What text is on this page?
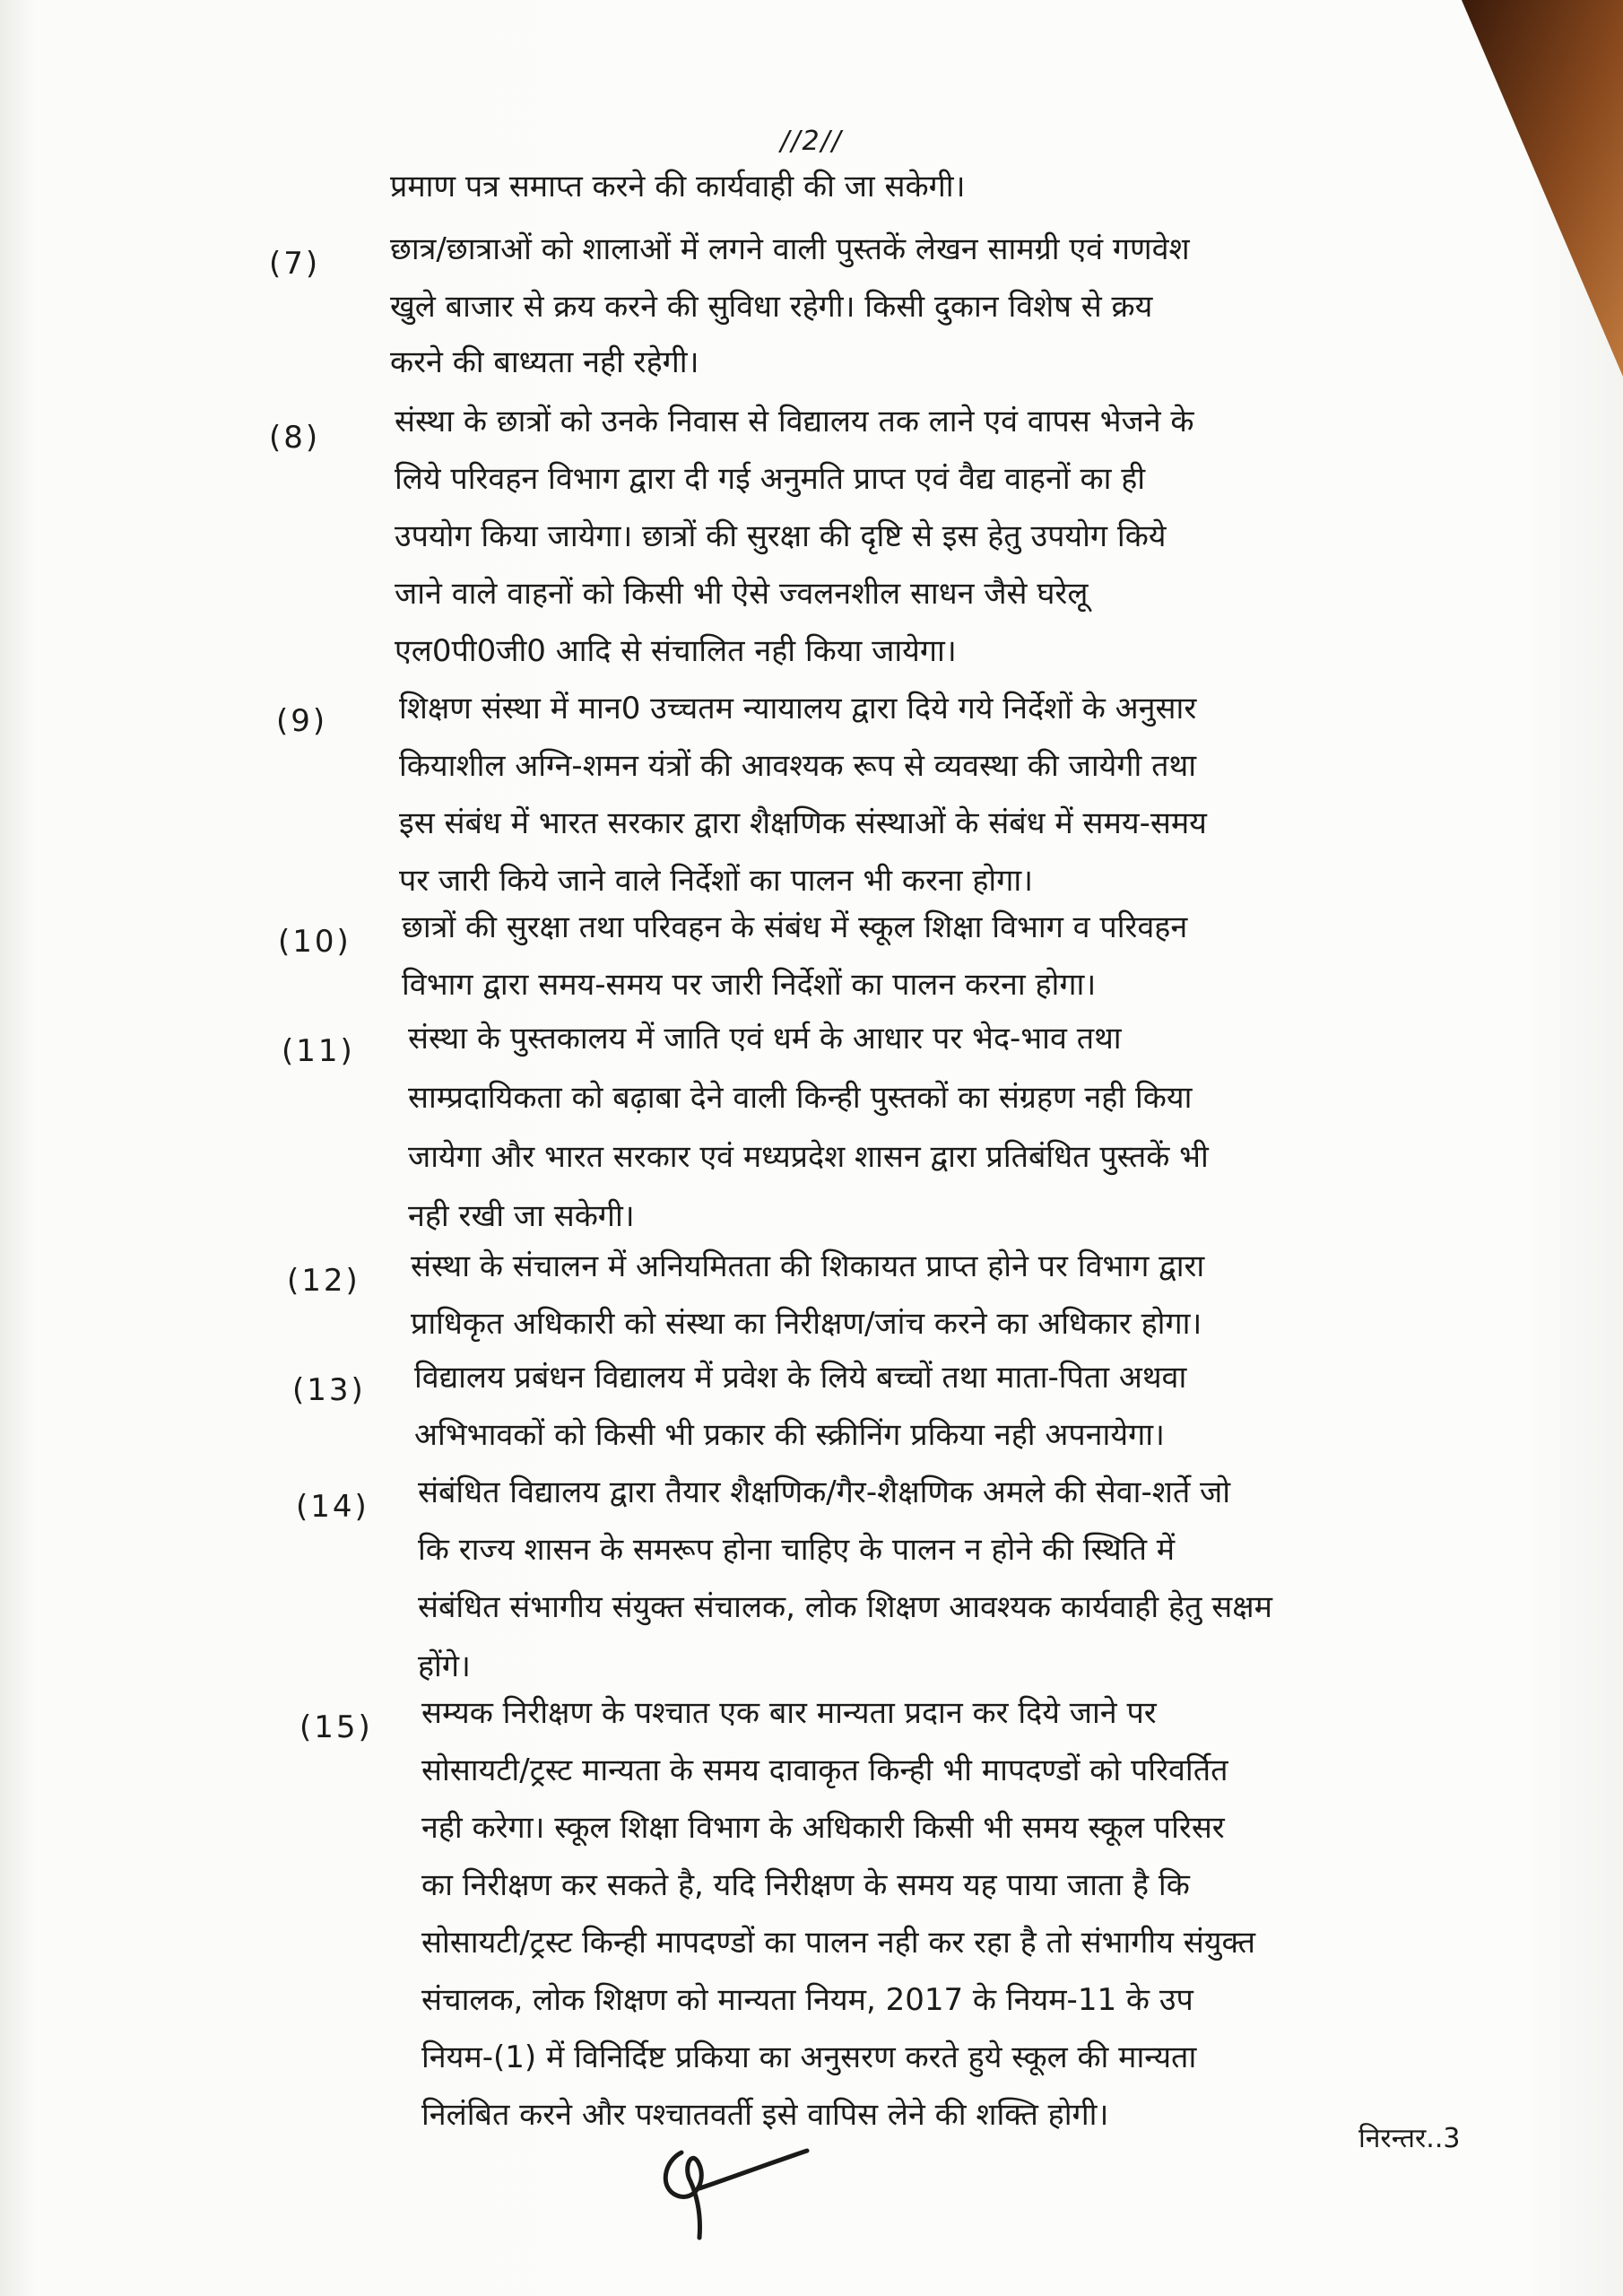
//2//
प्रमाण पत्र समाप्त करने की कार्यवाही की जा सकेगी।
(7) छात्र/छात्राओं को शालाओं में लगने वाली पुस्तकें लेखन सामग्री एवं गणवेश
खुले बाजार से क्रय करने की सुविधा रहेगी। किसी दुकान विशेष से क्रय
करने की बाध्यता नही रहेगी।
(8) संस्था के छात्रों को उनके निवास से विद्यालय तक लाने एवं वापस भेजने के
लिये परिवहन विभाग द्वारा दी गई अनुमति प्राप्त एवं वैद्य वाहनों का ही
उपयोग किया जायेगा। छात्रों की सुरक्षा की दृष्टि से इस हेतु उपयोग किये
जाने वाले वाहनों को किसी भी ऐसे ज्वलनशील साधन जैसे घरेलू
एल0पी0जी0 आदि से संचालित नही किया जायेगा।
(9) शिक्षण संस्था में मान0 उच्चतम न्यायालय द्वारा दिये गये निर्देशों के अनुसार
कियाशील अग्नि-शमन यंत्रों की आवश्यक रूप से व्यवस्था की जायेगी तथा
इस संबंध में भारत सरकार द्वारा शैक्षणिक संस्थाओं के संबंध में समय-समय
पर जारी किये जाने वाले निर्देशों का पालन भी करना होगा।
(10) छात्रों की सुरक्षा तथा परिवहन के संबंध में स्कूल शिक्षा विभाग व परिवहन
विभाग द्वारा समय-समय पर जारी निर्देशों का पालन करना होगा।
(11) संस्था के पुस्तकालय में जाति एवं धर्म के आधार पर भेद-भाव तथा
साम्प्रदायिकता को बढ़ाबा देने वाली किन्ही पुस्तकों का संग्रहण नही किया
जायेगा और भारत सरकार एवं मध्यप्रदेश शासन द्वारा प्रतिबंधित पुस्तकें भी
नही रखी जा सकेगी।
(12) संस्था के संचालन में अनियमितता की शिकायत प्राप्त होने पर विभाग द्वारा
प्राधिकृत अधिकारी को संस्था का निरीक्षण/जांच करने का अधिकार होगा।
(13) विद्यालय प्रबंधन विद्यालय में प्रवेश के लिये बच्चों तथा माता-पिता अथवा
अभिभावकों को किसी भी प्रकार की स्क्रीनिंग प्रकिया नही अपनायेगा।
(14) संबंधित विद्यालय द्वारा तैयार शैक्षणिक/गैर-शैक्षणिक अमले की सेवा-शर्ते जो
कि राज्य शासन के समरूप होना चाहिए के पालन न होने की स्थिति में
संबंधित संभागीय संयुक्त संचालक, लोक शिक्षण आवश्यक कार्यवाही हेतु सक्षम
होंगे।
(15) सम्यक निरीक्षण के पश्चात एक बार मान्यता प्रदान कर दिये जाने पर
सोसायटी/ट्रस्ट मान्यता के समय दावाकृत किन्ही भी मापदण्डों को परिवर्तित
नही करेगा। स्कूल शिक्षा विभाग के अधिकारी किसी भी समय स्कूल परिसर
का निरीक्षण कर सकते है, यदि निरीक्षण के समय यह पाया जाता है कि
सोसायटी/ट्रस्ट किन्ही मापदण्डों का पालन नही कर रहा है तो संभागीय संयुक्त
संचालक, लोक शिक्षण को मान्यता नियम, 2017 के नियम-11 के उप
नियम-(1) में विनिर्दिष्ट प्रकिया का अनुसरण करते हुये स्कूल की मान्यता
निलंबित करने और पश्चातवर्ती इसे वापिस लेने की शक्ति होगी।
निरन्तर..3
